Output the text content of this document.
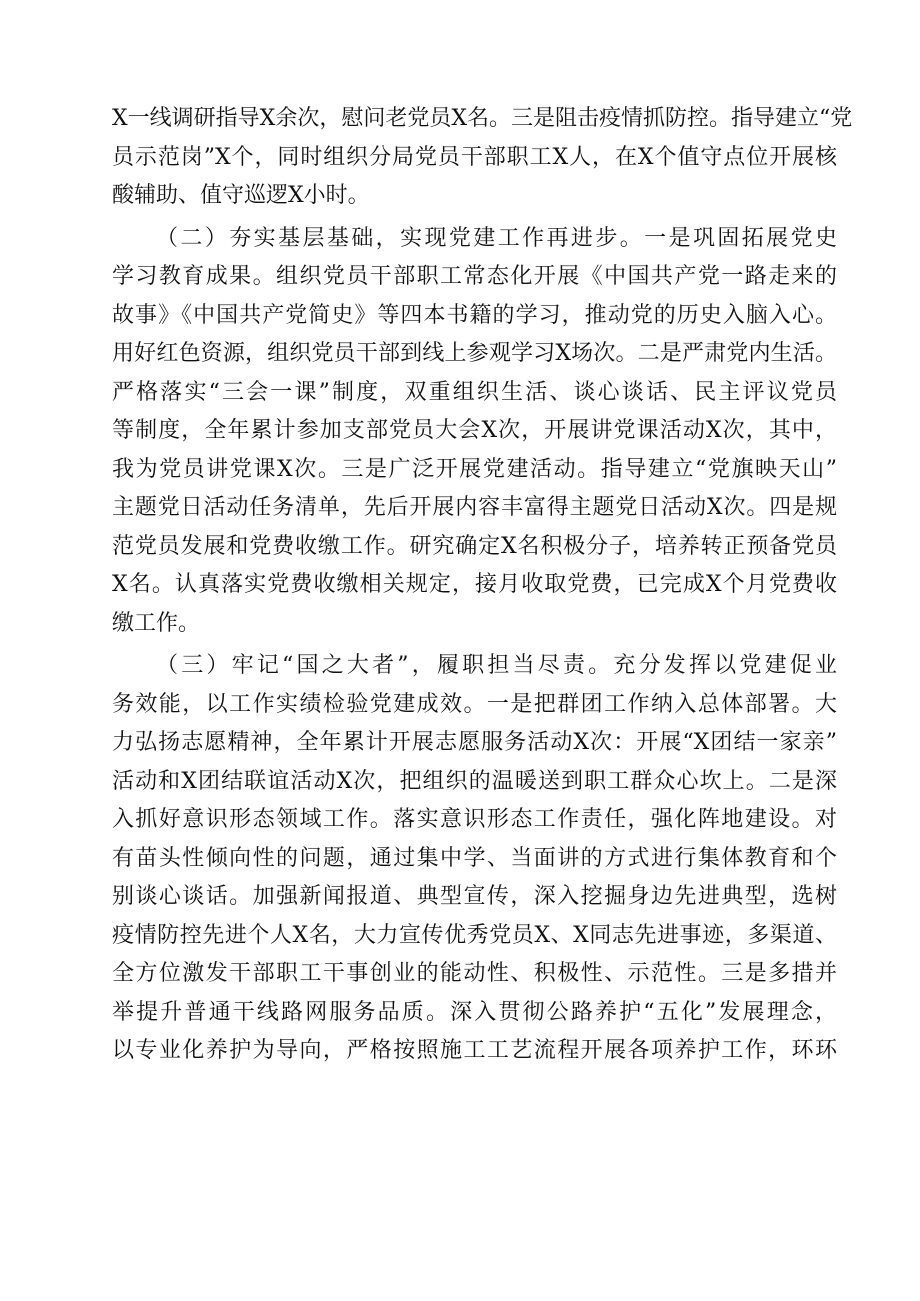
X一线调研指导X余次，慰问老党员X名。三是阻击疫情抓防控。指导建立“党
员示范岗”X个，同时组织分局党员干部职工X人，在X个值守点位开展核
酸辅助、值守巡逻X小时。
（二）夯实基层基础，实现党建工作再进步。一是巩固拓展党史
学习教育成果。组织党员干部职工常态化开展《中国共产党一路走来的
故事》《中国共产党简史》等四本书籍的学习，推动党的历史入脑入心。
用好红色资源，组织党员干部到线上参观学习X场次。二是严肃党内生活。
严格落实“三会一课”制度，双重组织生活、谈心谈话、民主评议党员
等制度，全年累计参加支部党员大会X次，开展讲党课活动X次，其中，
我为党员讲党课X次。三是广泛开展党建活动。指导建立“党旗映天山”
主题党日活动任务清单，先后开展内容丰富得主题党日活动X次。四是规
范党员发展和党费收缴工作。研究确定X名积极分子，培养转正预备党员
X名。认真落实党费收缴相关规定，接月收取党费，已完成X个月党费收
缴工作。
（三）牢记“国之大者”，履职担当尽责。充分发挥以党建促业
务效能，以工作实绩检验党建成效。一是把群团工作纳入总体部署。大
力弘扬志愿精神，全年累计开展志愿服务活动X次：开展“X团结一家亲”
活动和X团结联谊活动X次，把组织的温暖送到职工群众心坎上。二是深
入抓好意识形态领域工作。落实意识形态工作责任，强化阵地建设。对
有苗头性倾向性的问题，通过集中学、当面讲的方式进行集体教育和个
别谈心谈话。加强新闻报道、典型宣传，深入挖掘身边先进典型，选树
疫情防控先进个人X名，大力宣传优秀党员X、X同志先进事迹，多渠道、
全方位激发干部职工干事创业的能动性、积极性、示范性。三是多措并
举提升普通干线路网服务品质。深入贯彻公路养护“五化”发展理念，
以专业化养护为导向，严格按照施工工艺流程开展各项养护工作，环环
